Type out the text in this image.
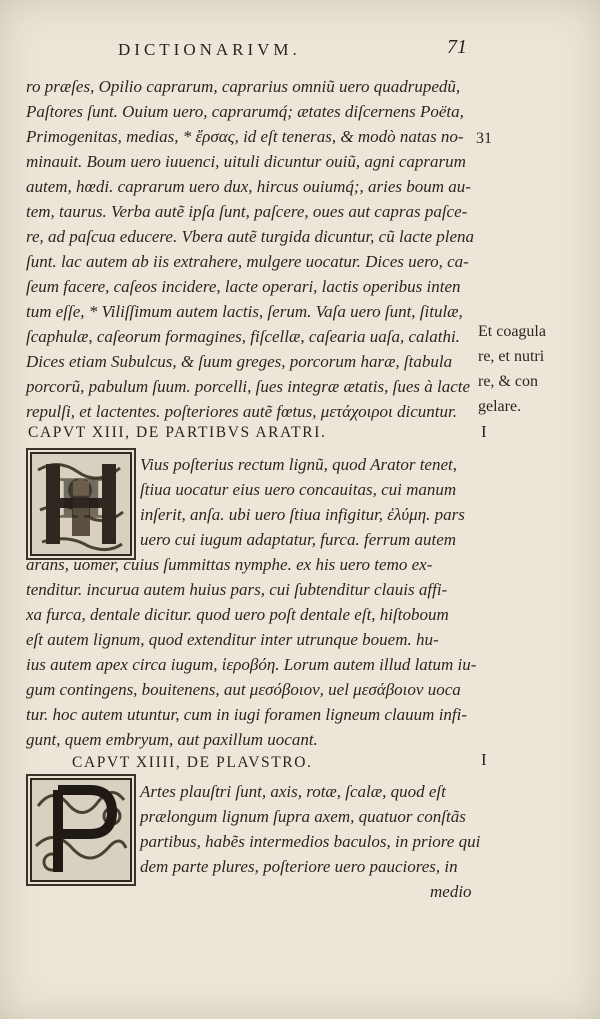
DICTIONARIVM.	71
ro præſes, Opilio caprarum, caprarius omniũ uero quadrupedũ,
Paſtores ſunt. Ouium uero, caprarumq́; ætates diſcernens Poëta,
Primogenitas, medias, * ἕρσας, id eſt teneras, & modò natas no-
minauit. Boum uero iuuenci, uituli dicuntur ouiũ, agni caprarum
autem, hœdi. caprarum uero dux, hircus ouiumq́;, aries boum au-
tem, taurus. Verba autẽ ipſa ſunt, paſcere, oues aut capras paſce-
re, ad paſcua educere. Vbera autẽ turgida dicuntur, cũ lacte plena
ſunt. lac autem ab iis extrahere, mulgere uocatur. Dices uero, ca-
ſeum facere, caſeos incidere, lacte operari, lactis operibus inten
tum eſſe, * Viliſſimum autem lactis, ſerum. Vaſa uero ſunt, ſitulæ,
ſcaphulæ, caſeorum formagines, fiſcellæ, caſearia uaſa, calathi.
Dices etiam Subulcus, & ſuum greges, porcorum haræ, ſtabula
porcorũ, pabulum ſuum. porcelli, ſues integræ ætatis, ſues à lacte
repulſi, et lactentes. poſteriores autẽ fœtus, μετάχοιροι dicuntur.
31
Et coagula
re, et nutri
re, & con
gelare.
CAPVT XIII, DE PARTIBVS ARATRI.	I
H
Vius poſterius rectum lignũ, quod Arator tenet,
ſtiua uocatur eius uero concauitas, cui manum
inſerit, anſa. ubi uero ſtiua infigitur, ἐλύμη. pars
uero cui iugum adaptatur, furca. ferrum autem
arans, uomer, cuius ſummittas nymphe. ex his uero temo ex-
tenditur. incurua autem huius pars, cui ſubtenditur clauis affi-
xa furca, dentale dicitur. quod uero poſt dentale eſt, hiſtoboum
eſt autem lignum, quod extenditur inter utrunque bouem. hu-
ius autem apex circa iugum, ἱεροβόη. Lorum autem illud latum iu-
gum contingens, bouitenens, aut μεσόβοιον, uel μεσάβοιον uoca
tur. hoc autem utuntur, cum in iugi foramen ligneum clauum infi-
gunt, quem embryum, aut paxillum uocant.
CAPVT XIIII, DE PLAVSTRO.	I
Artes plauſtri ſunt, axis, rotæ, ſcalæ, quod eſt
prælongum lignum ſupra axem, quatuor conſtãs
partibus, habẽs intermedios baculos, in priore qui
dem parte plures, poſteriore uero pauciores, in
medio
